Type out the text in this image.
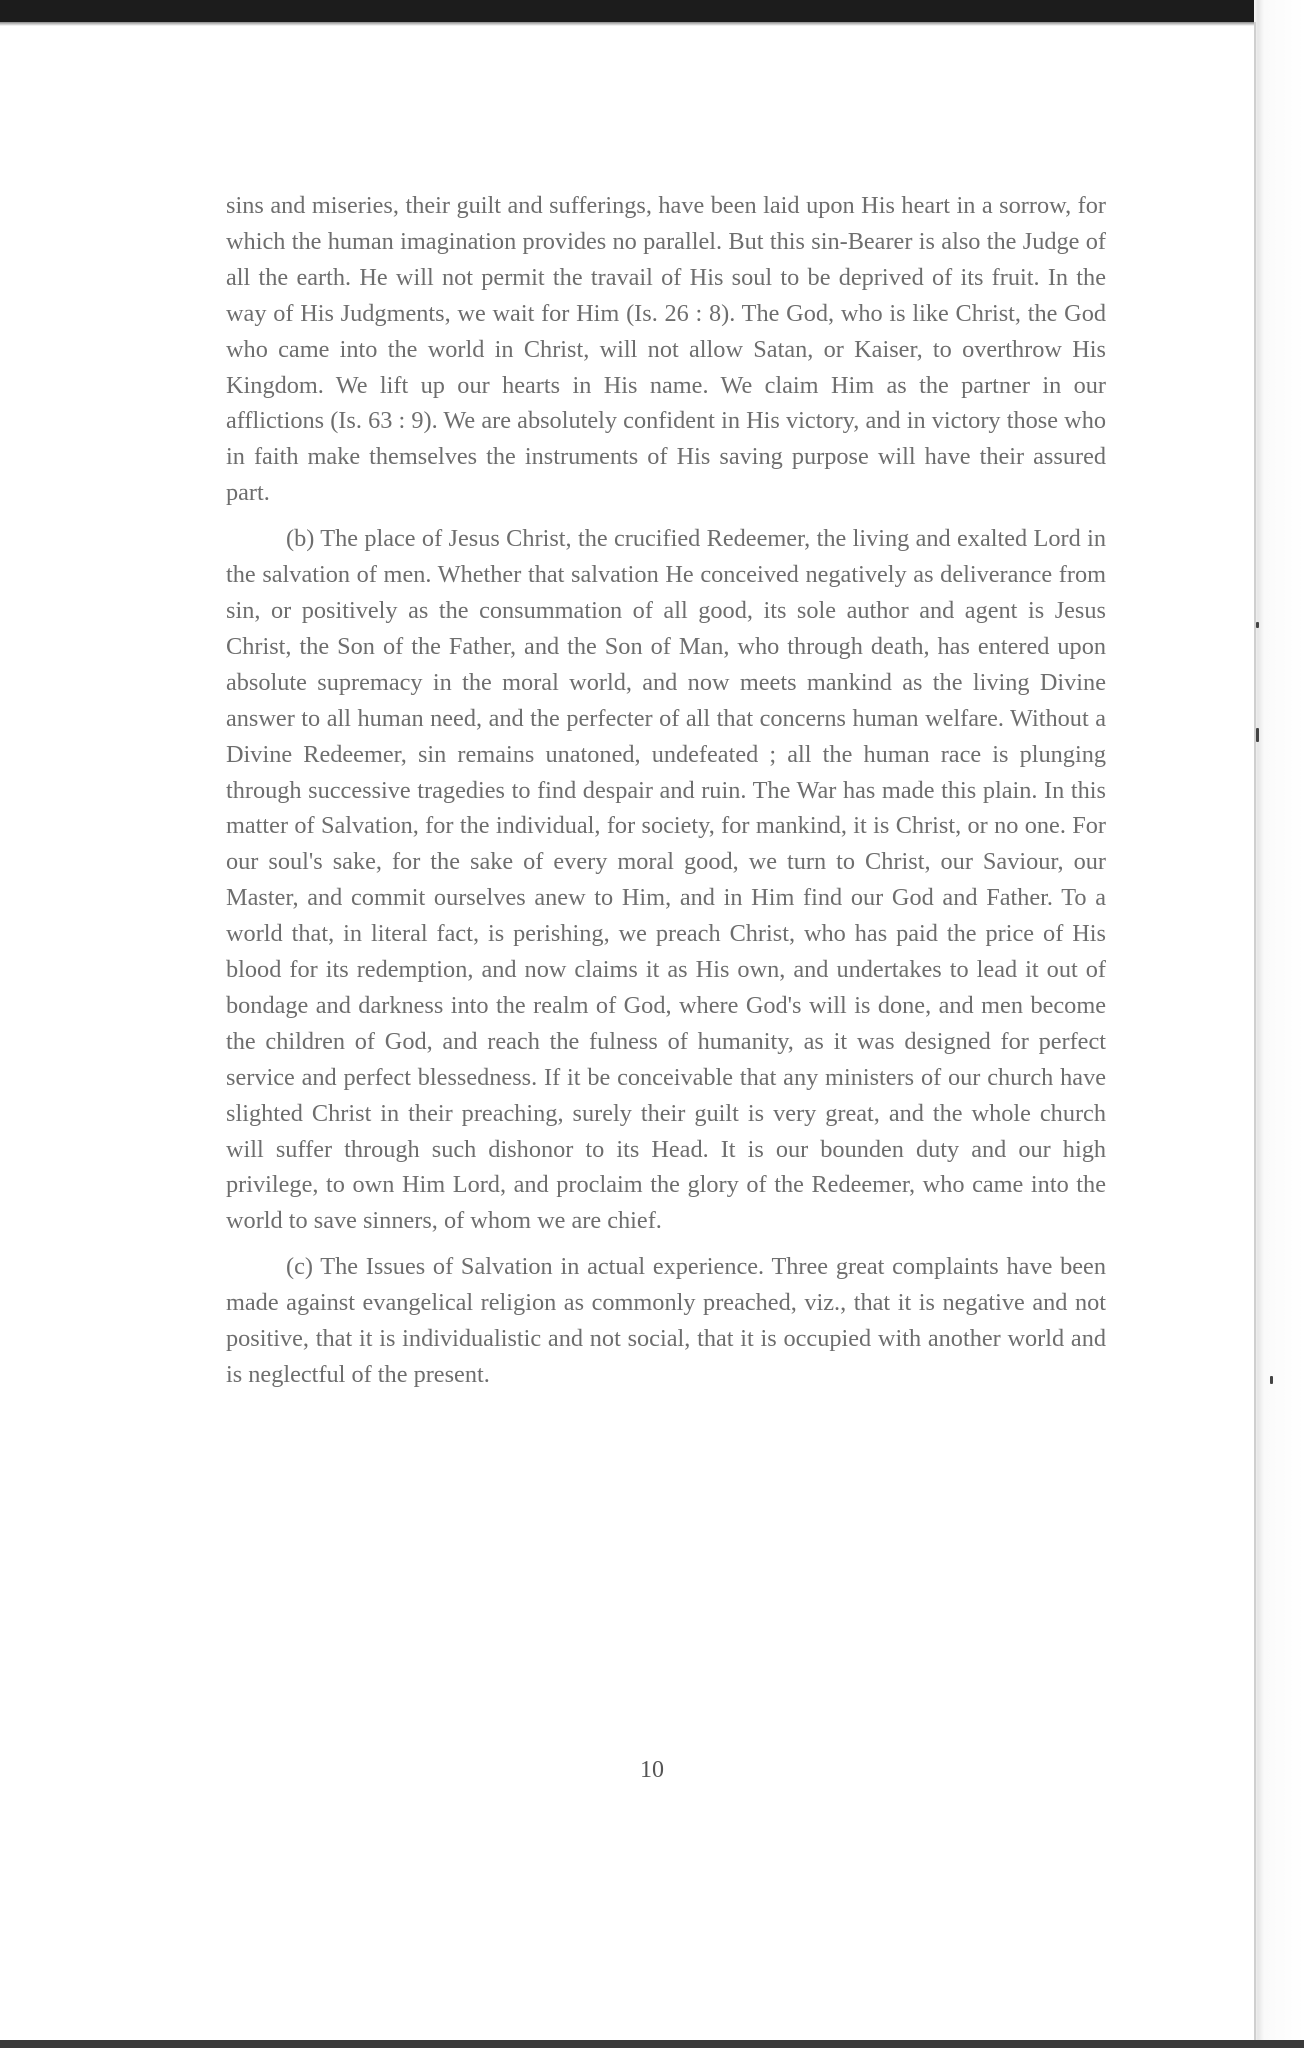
sins and miseries, their guilt and sufferings, have been laid upon His heart in a sorrow, for which the human imagination provides no parallel. But this sin-Bearer is also the Judge of all the earth. He will not permit the travail of His soul to be deprived of its fruit. In the way of His Judgments, we wait for Him (Is. 26 : 8). The God, who is like Christ, the God who came into the world in Christ, will not allow Satan, or Kaiser, to overthrow His Kingdom. We lift up our hearts in His name. We claim Him as the partner in our afflictions (Is. 63 : 9). We are absolutely confident in His victory, and in victory those who in faith make themselves the instruments of His saving purpose will have their assured part.

(b) The place of Jesus Christ, the crucified Redeemer, the living and exalted Lord in the salvation of men. Whether that salvation He conceived negatively as deliverance from sin, or positively as the consummation of all good, its sole author and agent is Jesus Christ, the Son of the Father, and the Son of Man, who through death, has entered upon absolute supremacy in the moral world, and now meets mankind as the living Divine answer to all human need, and the perfecter of all that concerns human welfare. Without a Divine Redeemer, sin remains unatoned, undefeated ; all the human race is plunging through successive tragedies to find despair and ruin. The War has made this plain. In this matter of Salvation, for the individual, for society, for mankind, it is Christ, or no one. For our soul's sake, for the sake of every moral good, we turn to Christ, our Saviour, our Master, and commit ourselves anew to Him, and in Him find our God and Father. To a world that, in literal fact, is perishing, we preach Christ, who has paid the price of His blood for its redemption, and now claims it as His own, and undertakes to lead it out of bondage and darkness into the realm of God, where God's will is done, and men become the children of God, and reach the fulness of humanity, as it was designed for perfect service and perfect blessedness. If it be conceivable that any ministers of our church have slighted Christ in their preaching, surely their guilt is very great, and the whole church will suffer through such dishonor to its Head. It is our bounden duty and our high privilege, to own Him Lord, and proclaim the glory of the Redeemer, who came into the world to save sinners, of whom we are chief.

(c) The Issues of Salvation in actual experience. Three great complaints have been made against evangelical religion as commonly preached, viz., that it is negative and not positive, that it is individualistic and not social, that it is occupied with another world and is neglectful of the present.

10
